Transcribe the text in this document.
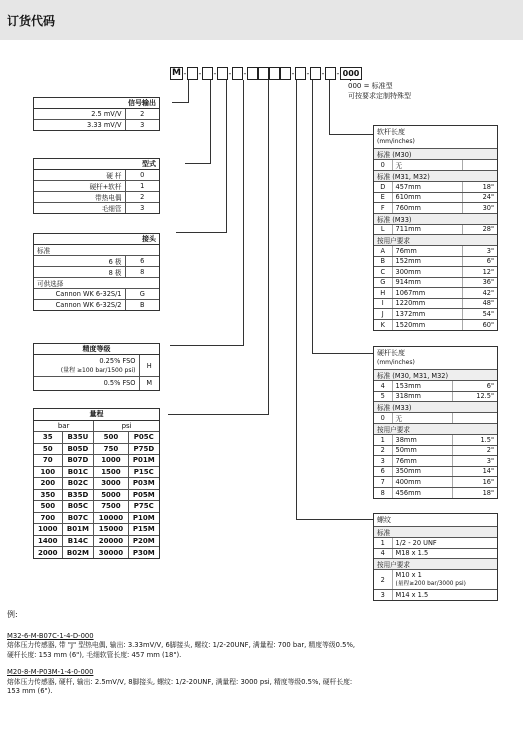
订货代码
M - - - - -	- - - - 000
000 = 标准型
可按要求定制特殊型
信号输出	
2.5 mV/V	2
3.33 mV/V	3
型式	
硬 杆	0
硬杆+软杆	1
带热电偶	2
毛细管	3
接头	
标准	
6 极	6
8 极	8
可供选择	
Cannon WK 6-32S/1	G
Cannon WK 6-32S/2	B
精度等级	

0.25% FSO
(量程 ≥100 bar/1500 psi)	H
0.5% FSO	M
量程			
bar		psi	
35	B35U	500	P05C
50	B05D	750	P75D
70	B07D	1000	P01M
100	B01C	1500	P15C
200	B02C	3000	P03M
350	B35D	5000	P05M
500	B05C	7500	P75C
700	B07C	10000	P10M
1000	B01M	15000	P15M
1400	B14C	20000	P20M
2000	B02M	30000	P30M
软杆长度
(mm/inches)		

标准 (M30)		
0	无	
标准 (M31, M32)		
D	457mm	18"
E	610mm	24"
F	760mm	30"
标准 (M33)		
L	711mm	28"
按用户要求		
A	76mm	3"
B	152mm	6"
C	300mm	12"
G	914mm	36"
H	1067mm	42"
I	1220mm	48"
J	1372mm	54"
K	1520mm	60"
硬杆长度
(mm/inches)		

标准 (M30, M31, M32)		
4	153mm	6"
5	318mm	12.5"
标准 (M33)		
0	无	
按用户要求		
1	38mm	1.5"
2	50mm	2"
3	76mm	3"
6	350mm	14"
7	400mm	16"
8	456mm	18"
螺纹	
标准	
1	1/2 - 20 UNF
4	M18 x 1.5
按用户要求	
2	M10 x 1
(量程≥200 bar/3000 psi)

3	M14 x 1.5
例:
M32-6-M-B07C-1-4-D-000
熔体压力传感器, 带 "J" 型热电偶, 输出: 3.33mV/V, 6脚接头, 螺纹: 1/2-20UNF, 满量程: 700 bar, 精度等级0.5%,
硬杆长度: 153 mm (6"), 毛细软管长度: 457 mm (18").
M20-8-M-P03M-1-4-0-000
熔体压力传感器, 硬杆, 输出: 2.5mV/V, 8脚接头, 螺纹: 1/2-20UNF, 满量程: 3000 psi, 精度等级0.5%, 硬杆长度:
153 mm (6").
